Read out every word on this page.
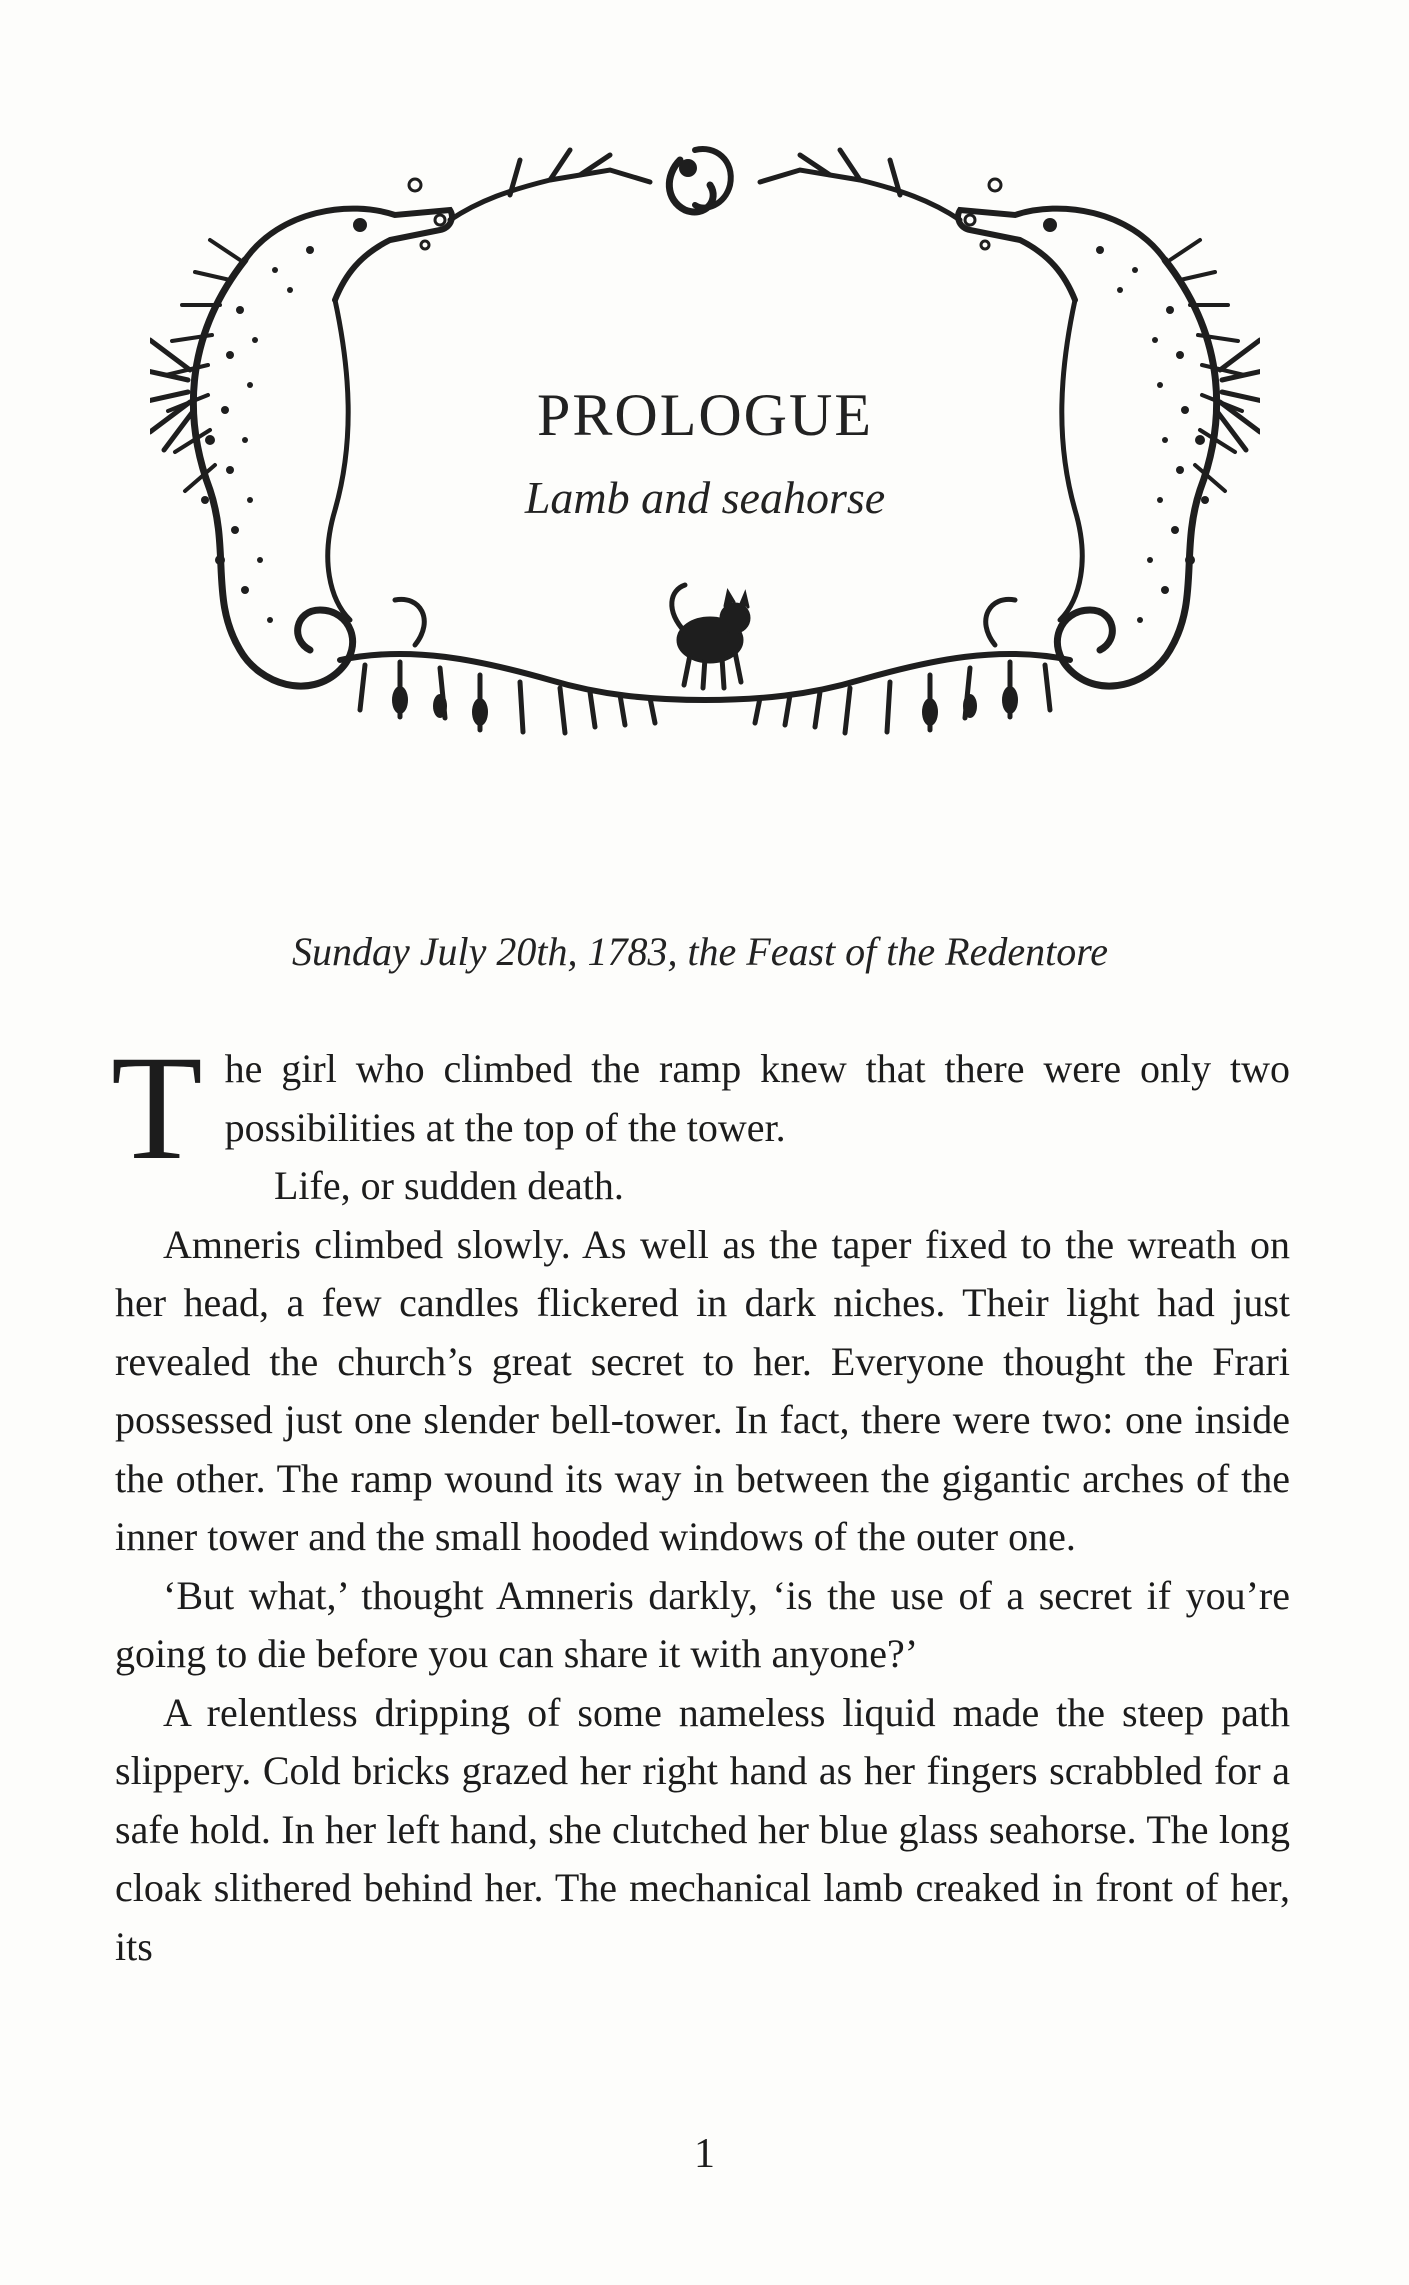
PROLOGUE
Lamb and seahorse
Sunday July 20th, 1783, the Feast of the Redentore

The girl who climbed the ramp knew that there were only two possibilities at the top of the tower.

Life, or sudden death.

Amneris climbed slowly. As well as the taper fixed to the wreath on her head, a few candles flickered in dark niches. Their light had just revealed the church’s great secret to her. Everyone thought the Frari possessed just one slender bell-tower. In fact, there were two: one inside the other. The ramp wound its way in between the gigantic arches of the inner tower and the small hooded windows of the outer one.

‘But what,’ thought Amneris darkly, ‘is the use of a secret if you’re going to die before you can share it with anyone?’

A relentless dripping of some nameless liquid made the steep path slippery. Cold bricks grazed her right hand as her fingers scrabbled for a safe hold. In her left hand, she clutched her blue glass seahorse. The long cloak slithered behind her. The mechanical lamb creaked in front of her, its

1
